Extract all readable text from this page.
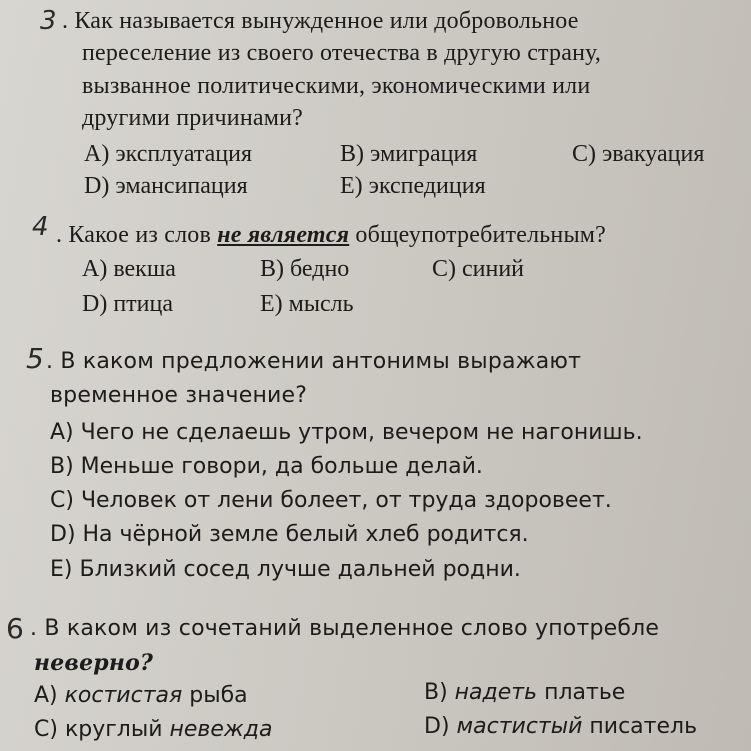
3 . Как называется вынужденное или добровольное
переселение из своего отечества в другую страну,
вызванное политическими, экономическими или
другими причинами?
A) эксплуатация	B) эмиграция	C) эвакуация
D) эмансипация	E) экспедиция
4 . Какое из слов не является общеупотребительным?
A) векша	B) бедно	C) синий
D) птица	E) мысль
5 . В каком предложении антонимы выражают
временное значение?
A) Чего не сделаешь утром, вечером не нагонишь.
B) Меньше говори, да больше делай.
C) Человек от лени болеет, от труда здоровеет.
D) На чёрной земле белый хлеб родится.
E) Близкий сосед лучше дальней родни.
6 . В каком из сочетаний выделенное слово употребле
неверно?
A) костистая рыба	B) надеть платье
C) круглый невежда	D) мастистый писатель
